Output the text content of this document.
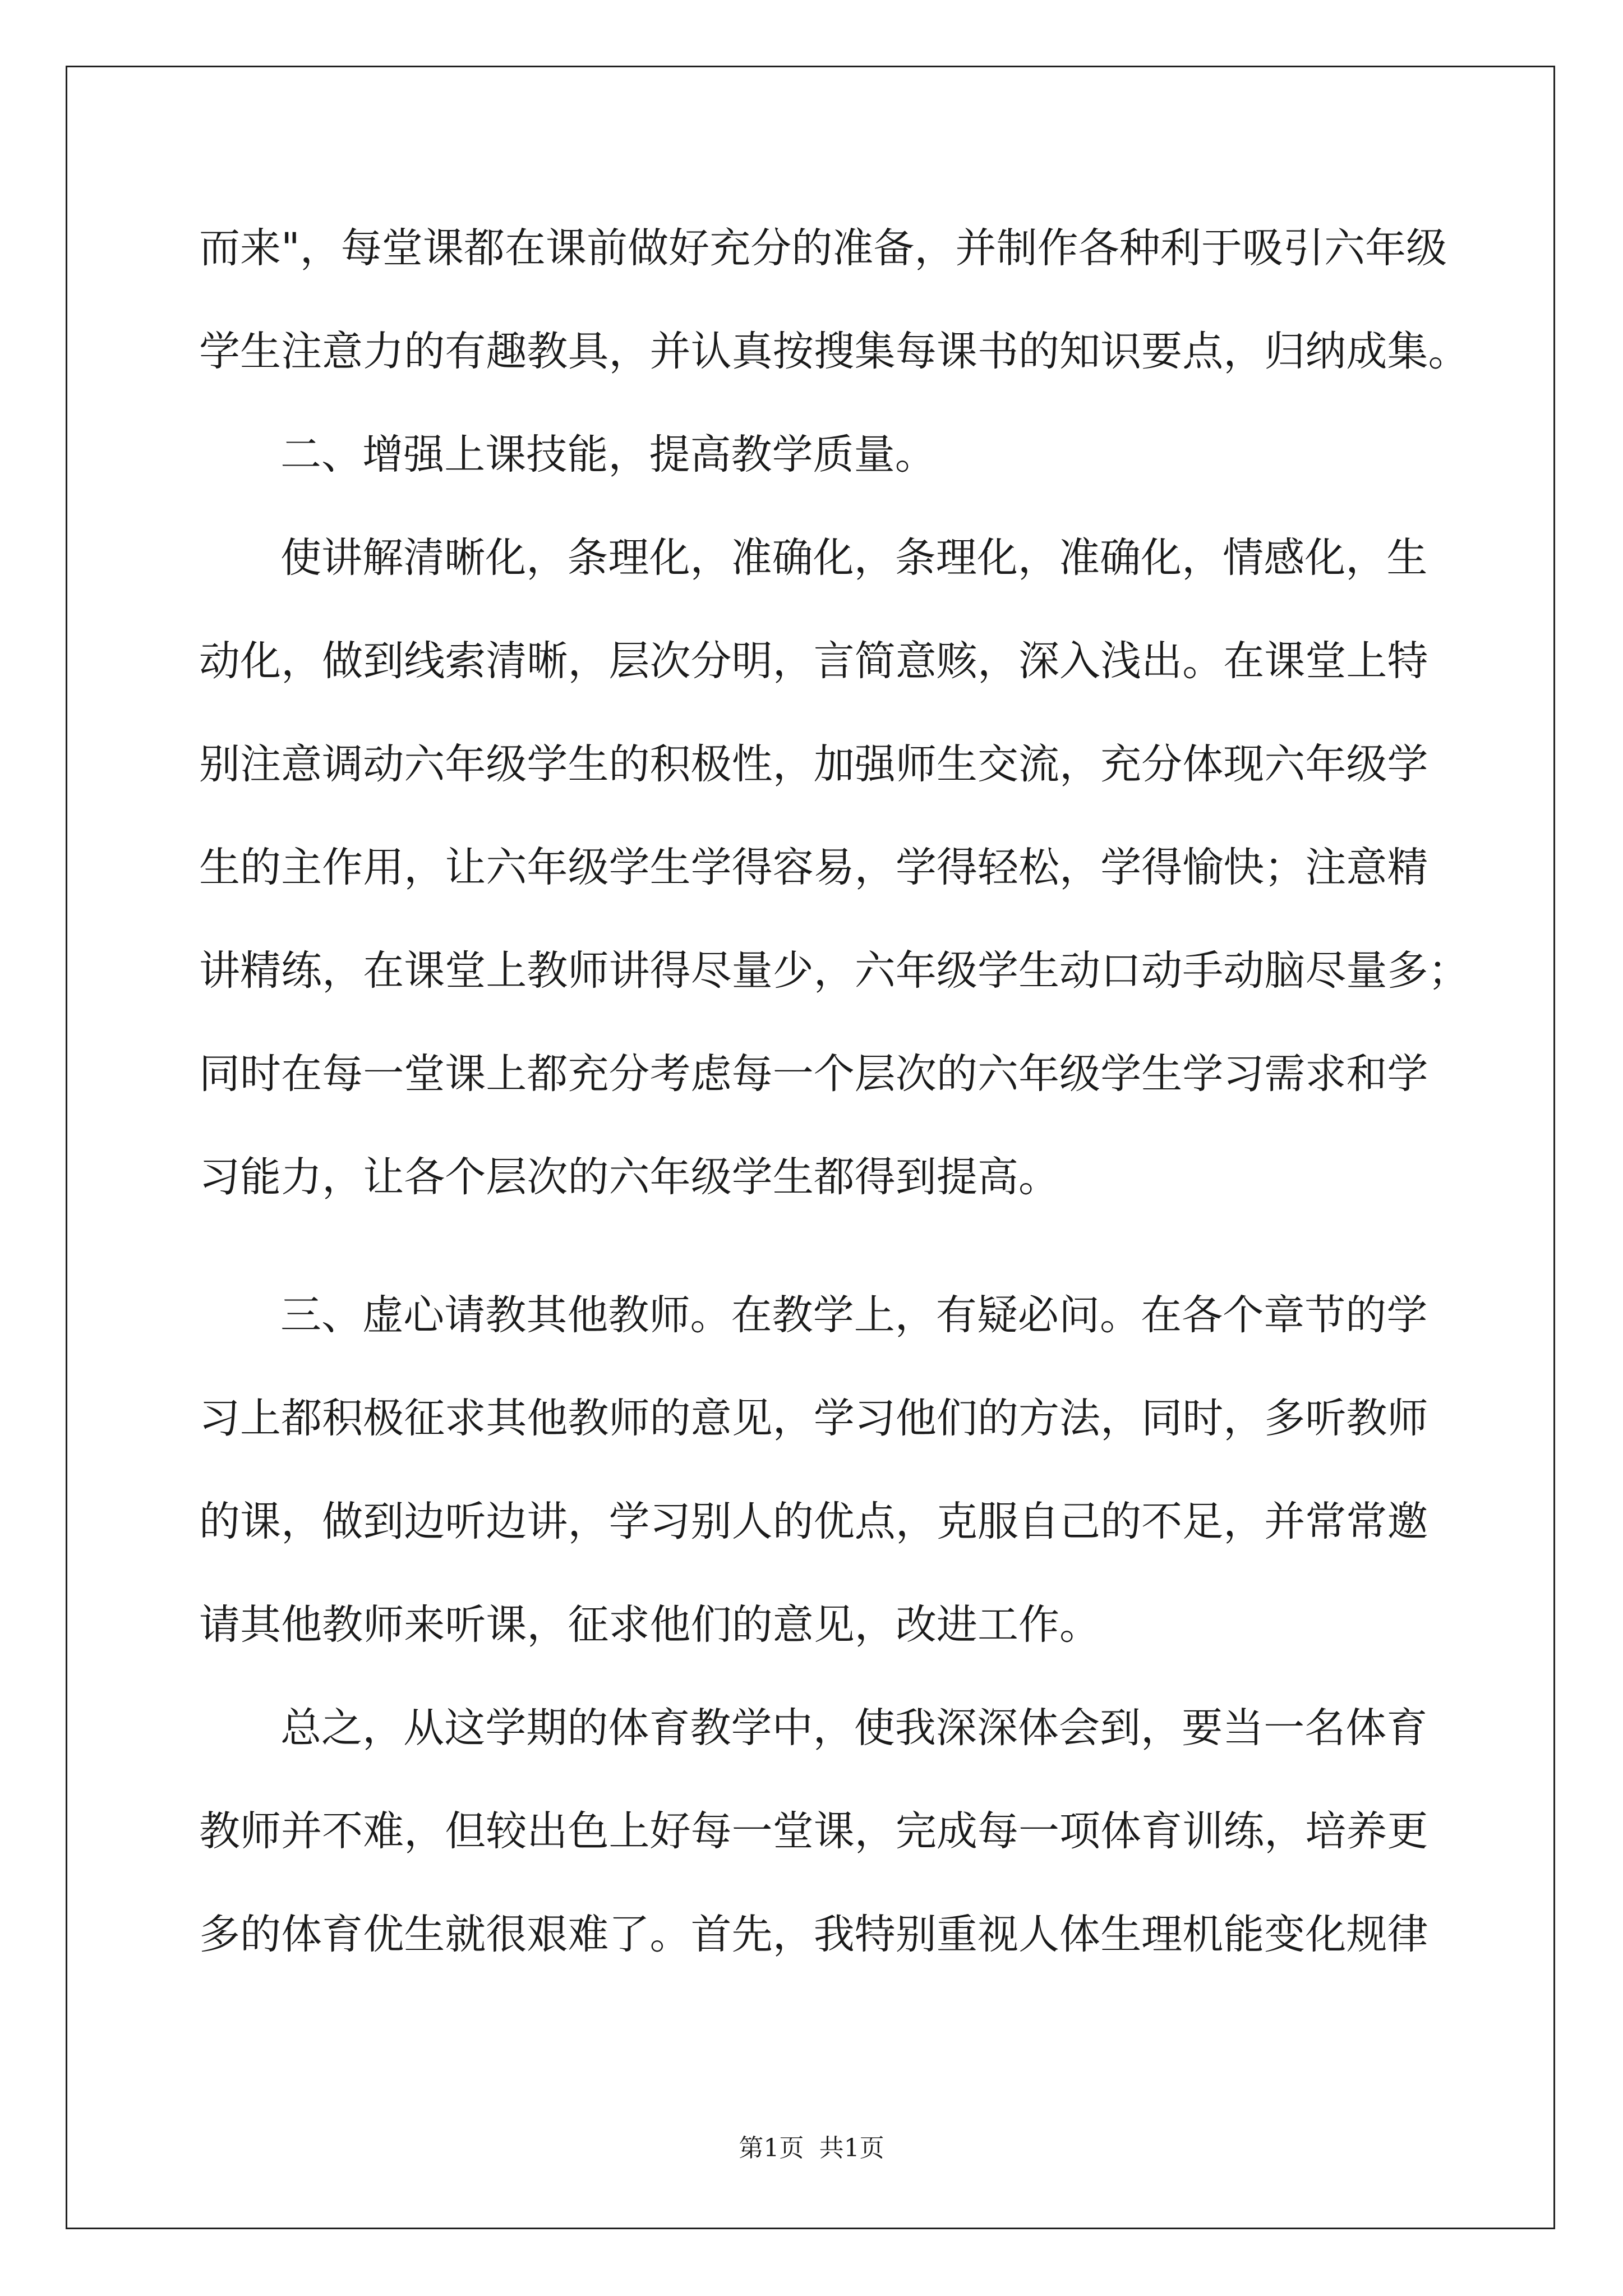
而来"，每堂课都在课前做好充分的准备，并制作各种利于吸引六年级
学生注意力的有趣教具，并认真按搜集每课书的知识要点，归纳成集。
二、增强上课技能，提高教学质量。
使讲解清晰化，条理化，准确化，条理化，准确化，情感化，生
动化，做到线索清晰，层次分明，言简意赅，深入浅出。在课堂上特
别注意调动六年级学生的积极性，加强师生交流，充分体现六年级学
生的主作用，让六年级学生学得容易，学得轻松，学得愉快；注意精
讲精练，在课堂上教师讲得尽量少，六年级学生动口动手动脑尽量多；
同时在每一堂课上都充分考虑每一个层次的六年级学生学习需求和学
习能力，让各个层次的六年级学生都得到提高。
三、虚心请教其他教师。在教学上，有疑必问。在各个章节的学
习上都积极征求其他教师的意见，学习他们的方法，同时，多听教师
的课，做到边听边讲，学习别人的优点，克服自己的不足，并常常邀
请其他教师来听课，征求他们的意见，改进工作。
总之，从这学期的体育教学中，使我深深体会到，要当一名体育
教师并不难，但较出色上好每一堂课，完成每一项体育训练，培养更
多的体育优生就很艰难了。首先，我特别重视人体生理机能变化规律
第1页 共1页
